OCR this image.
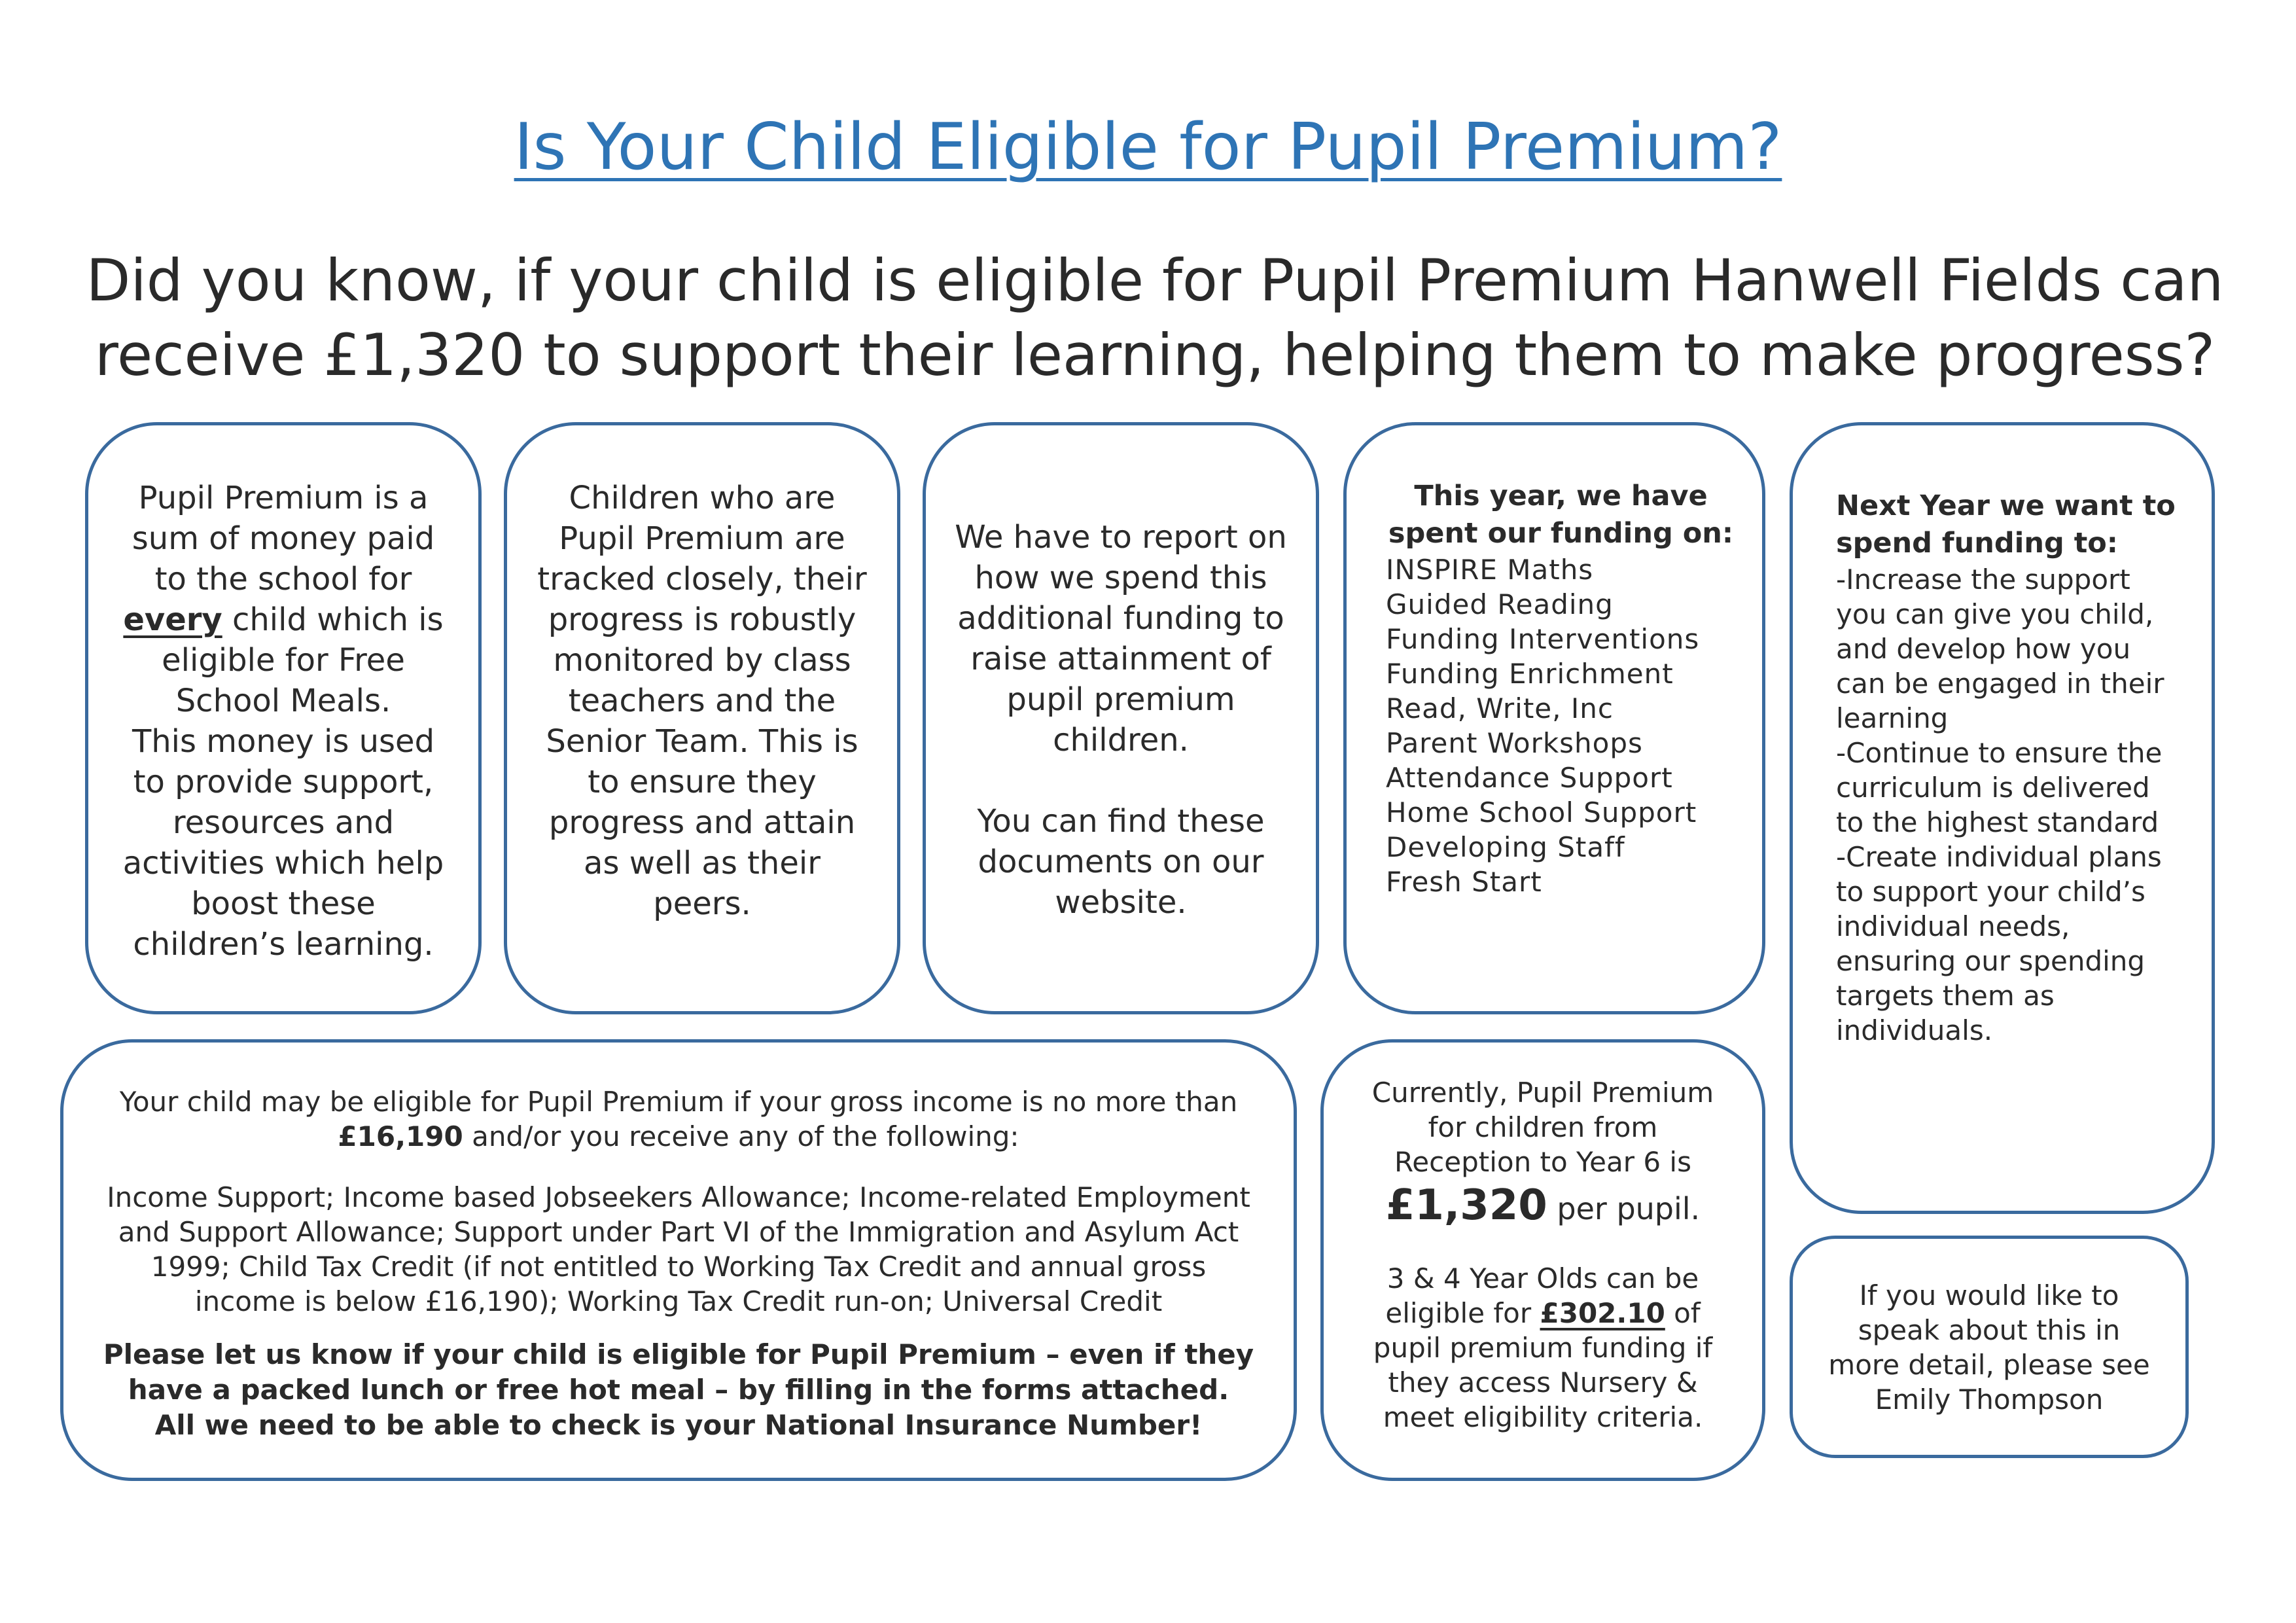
Is Your Child Eligible for Pupil Premium?
Did you know, if your child is eligible for Pupil Premium Hanwell Fields can
receive £1,320 to support their learning, helping them to make progress?

Pupil Premium is a sum of money paid to the school for every child which is eligible for Free School Meals.

This money is used to provide support, resources and activities which help boost these children’s learning.

Children who are Pupil Premium are tracked closely, their progress is robustly monitored by class teachers and the Senior Team. This is to ensure they progress and attain as well as their peers.

We have to report on how we spend this additional funding to raise attainment of pupil premium children.

You can find these documents on our website.

This year, we have spent our funding on:

INSPIRE Maths
Guided Reading
Funding Interventions
Funding Enrichment
Read, Write, Inc
Parent Workshops
Attendance Support
Home School Support
Developing Staff
Fresh Start

Next Year we want to spend funding to:

-Increase the support you can give you child, and develop how you can be engaged in their learning

-Continue to ensure the curriculum is delivered to the highest standard

-Create individual plans to support your child’s individual needs, ensuring our spending targets them as individuals.

Your child may be eligible for Pupil Premium if your gross income is no more than £16,190 and/or you receive any of the following:

Income Support; Income based Jobseekers Allowance; Income-related Employment and Support Allowance; Support under Part VI of the Immigration and Asylum Act 1999; Child Tax Credit (if not entitled to Working Tax Credit and annual gross income is below £16,190); Working Tax Credit run-on; Universal Credit

Please let us know if your child is eligible for Pupil Premium – even if they have a packed lunch or free hot meal – by filling in the forms attached.

All we need to be able to check is your National Insurance Number!

Currently, Pupil Premium for children from Reception to Year 6 is

£1,320 per pupil.

3 & 4 Year Olds can be eligible for £302.10 of pupil premium funding if they access Nursery & meet eligibility criteria.

If you would like to speak about this in more detail, please see Emily Thompson
